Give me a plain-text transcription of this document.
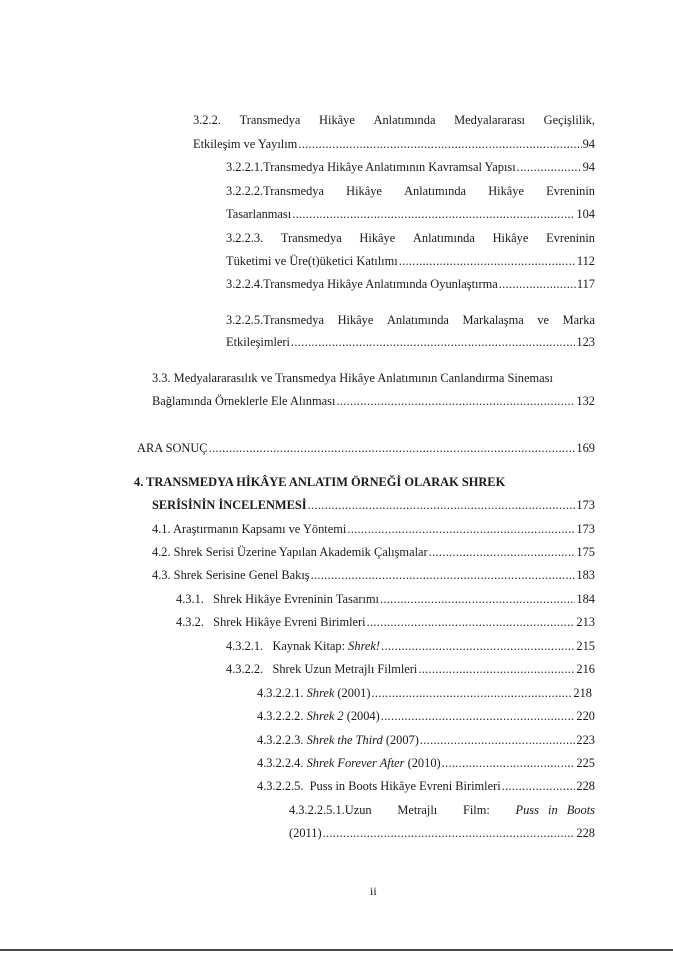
3.2.2. Transmedya Hikâye Anlatımında Medyalararası Geçişlilik,
Etkileşim ve Yayılım .....	94
3.2.2.1.Transmedya Hikâye Anlatımının Kavramsal Yapısı .....	94
3.2.2.2.Transmedya Hikâye Anlatımında Hikâye Evreninin
Tasarlanması .....	104
3.2.2.3. Transmedya Hikâye Anlatımında Hikâye Evreninin
Tüketimi ve Üre(t)üketici Katılımı .....	112
3.2.2.4.Transmedya Hikâye Anlatımında Oyunlaştırma .....	117
3.2.2.5.Transmedya Hikâye Anlatımında Markalaşma ve Marka
Etkileşimleri .....	123
3.3. Medyalararasılık ve Transmedya Hikâye Anlatımının Canlandırma Sineması
Bağlamında Örneklerle Ele Alınması .....	132
ARA SONUÇ .....	169
4. TRANSMEDYA HİKÂYE ANLATIM ÖRNEĞİ OLARAK SHREK
SERİSİNİN İNCELENMESİ .....	173
4.1. Araştırmanın Kapsamı ve Yöntemi .....	173
4.2. Shrek Serisi Üzerine Yapılan Akademik Çalışmalar .....	175
4.3. Shrek Serisine Genel Bakış .....	183
4.3.1.   Shrek Hikâye Evreninin Tasarımı .....	184
4.3.2.   Shrek Hikâye Evreni Birimleri .....	213
4.3.2.1.   Kaynak Kitap: Shrek! .....	215
4.3.2.2.   Shrek Uzun Metrajlı Filmleri .....	216
4.3.2.2.1. Shrek (2001) .....	218
4.3.2.2.2. Shrek 2 (2004) .....	220
4.3.2.2.3. Shrek the Third (2007) .....	223
4.3.2.2.4. Shrek Forever After (2010) .....	225
4.3.2.2.5.  Puss in Boots Hikâye Evreni Birimleri .....	228
4.3.2.2.5.1.Uzun Metrajlı Film: Puss in Boots
(2011) .....	228
ii
